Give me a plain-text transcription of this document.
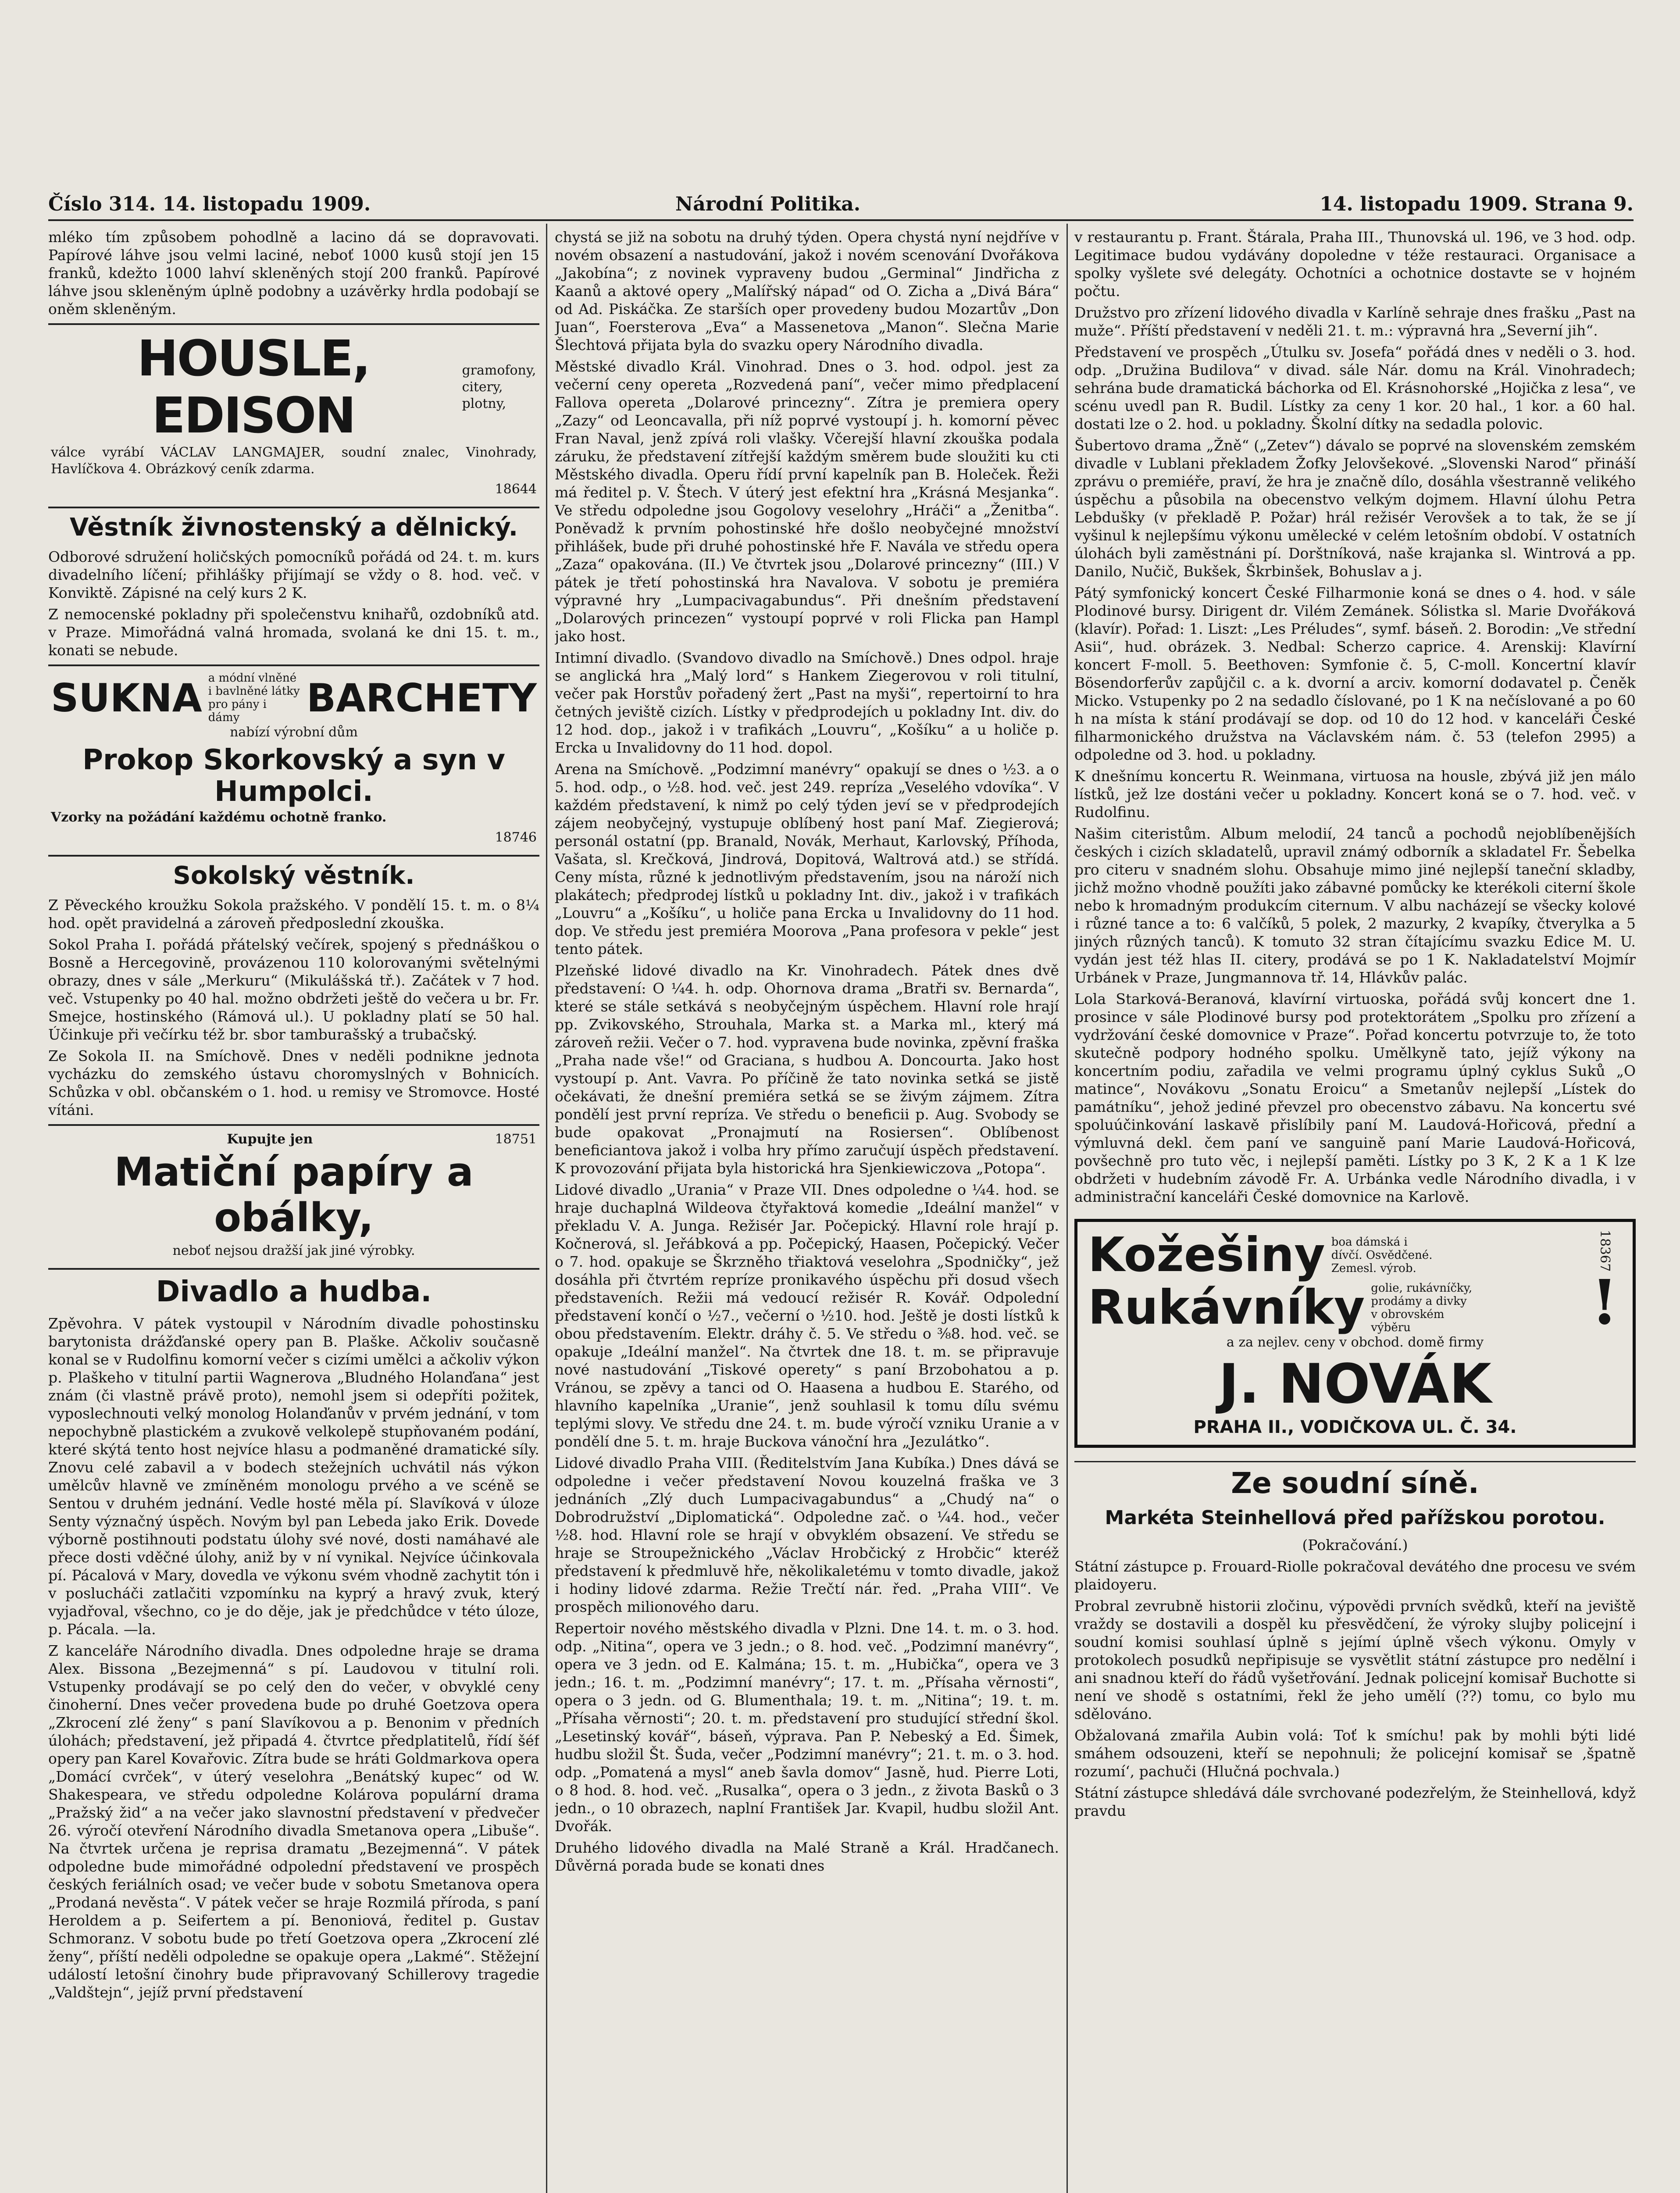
Číslo 314. 14. listopadu 1909.	Národní Politika.	14. listopadu 1909. Strana 9.

mléko tím způsobem pohodlně a lacino dá se dopravovati. Papírové láhve jsou velmi laciné, neboť 1000 kusů stojí jen 15 franků, kdežto 1000 lahví skleněných stojí 200 franků. Papírové láhve jsou skleněným úplně podobny a uzávěrky hrdla podobají se oněm skleněným.

HOUSLE, EDISON
gramofony, citery, plotny,

válce vyrábí VÁCLAV LANGMAJER, soudní znalec, Vinohrady, Havlíčkova 4. Obrázkový ceník zdarma.

18644

Věstník živnostenský a dělnický.

Odborové sdružení holičských pomocníků pořádá od 24. t. m. kurs divadelního líčení; přihlášky přijímají se vždy o 8. hod. več. v Konviktě. Zápisné na celý kurs 2 K.

Z nemocenské pokladny při společenstvu knihařů, ozdobníků atd. v Praze. Mimořádná valná hromada, svolaná ke dni 15. t. m., konati se nebude.

SUKNA a módní vlněné i bavlněné látky pro pány i dámy	BARCHETY

nabízí výrobní dům

Prokop Skorkovský a syn v Humpolci.

Vzorky na požádání každému ochotně franko.

18746

Sokolský věstník.

Z Pěveckého kroužku Sokola pražského. V pondělí 15. t. m. o 8¼ hod. opět pravidelná a zároveň předposlední zkouška.

Sokol Praha I. pořádá přátelský večírek, spojený s přednáškou o Bosně a Hercegovině, provázenou 110 kolorovanými světelnými obrazy, dnes v sále „Merkuru“ (Mikulášská tř.). Začátek v 7 hod. več. Vstupenky po 40 hal. možno obdržeti ještě do večera u br. Fr. Smejce, hostinského (Rámová ul.). U pokladny platí se 50 hal. Účinkuje při večírku též br. sbor tamburašský a trubačský.

Ze Sokola II. na Smíchově. Dnes v neděli podnikne jednota vycházku do zemského ústavu choromyslných v Bohnicích. Schůzka v obl. občanském o 1. hod. u remisy ve Stromovce. Hosté vítáni.

Kupujte jen	18751
Matiční papíry a obálky,

neboť nejsou dražší jak jiné výrobky.

Divadlo a hudba.

Zpěvohra. V pátek vystoupil v Národním divadle pohostinsku barytonista drážďanské opery pan B. Plaške. Ačkoliv současně konal se v Rudolfinu komorní večer s cizími umělci a ačkoliv výkon p. Plaškeho v titulní partii Wagnerova „Bludného Holanďana“ jest znám (či vlastně právě proto), nemohl jsem si odepříti požitek, vyposlechnouti velký monolog Holanďanův v prvém jednání, v tom nepochybně plastickém a zvukově velkolepě stupňovaném podání, které skýtá tento host nejvíce hlasu a podmaněné dramatické síly. Znovu celé zabavil a v bodech stežejních uchvátil nás výkon umělcův hlavně ve zmíněném monologu prvého a ve scéně se Sentou v druhém jednání. Vedle hosté měla pí. Slavíková v úloze Senty význačný úspěch. Novým byl pan Lebeda jako Erik. Dovede výborně postihnouti podstatu úlohy své nové, dosti namáhavé ale přece dosti vděčné úlohy, aniž by v ní vynikal. Nejvíce účinkovala pí. Pácalová v Mary, dovedla ve výkonu svém vhodně zachytit tón i v poslucháči zatlačiti vzpomínku na kyprý a hravý zvuk, který vyjadřoval, všechno, co je do děje, jak je předchůdce v této úloze, p. Pácala. —la.

Z kanceláře Národního divadla. Dnes odpoledne hraje se drama Alex. Bissona „Bezejmenná“ s pí. Laudovou v titulní roli. Vstupenky prodávají se po celý den do večer, v obvyklé ceny činoherní. Dnes večer provedena bude po druhé Goetzova opera „Zkrocení zlé ženy“ s paní Slavíkovou a p. Benonim v předních úlohách; představení, jež připadá 4. čtvrtce předplatitelů, řídí šéf opery pan Karel Kovařovic. Zítra bude se hráti Goldmarkova opera „Domácí cvrček“, v úterý veselohra „Benátský kupec“ od W. Shakespeara, ve středu odpoledne Kolárova populární drama „Pražský žid“ a na večer jako slavnostní představení v předvečer 26. výročí otevření Národního divadla Smetanova opera „Libuše“. Na čtvrtek určena je reprisa dramatu „Bezejmenná“. V pátek odpoledne bude mimořádné odpolední představení ve prospěch českých feriálních osad; ve večer bude v sobotu Smetanova opera „Prodaná nevěsta“. V pátek večer se hraje Rozmilá příroda, s paní Heroldem a p. Seifertem a pí. Benoniová, ředitel p. Gustav Schmoranz. V sobotu bude po třetí Goetzova opera „Zkrocení zlé ženy“, příští neděli odpoledne se opakuje opera „Lakmé“. Stěžejní událostí letošní činohry bude připravovaný Schillerovy tragedie „Valdštejn“, jejíž první představení

chystá se již na sobotu na druhý týden. Opera chystá nyní nejdříve v novém obsazení a nastudování, jakož i novém scenování Dvořákova „Jakobína“; z novinek vypraveny budou „Germinal“ Jindřicha z Kaanů a aktové opery „Malířský nápad“ od O. Zicha a „Divá Bára“ od Ad. Piskáčka. Ze starších oper provedeny budou Mozartův „Don Juan“, Foersterova „Eva“ a Massenetova „Manon“. Slečna Marie Šlechtová přijata byla do svazku opery Národního divadla.

Městské divadlo Král. Vinohrad. Dnes o 3. hod. odpol. jest za večerní ceny opereta „Rozvedená paní“, večer mimo předplacení Fallova opereta „Dolarové princezny“. Zítra je premiera opery „Zazy“ od Leoncavalla, při níž poprvé vystoupí j. h. komorní pěvec Fran Naval, jenž zpívá roli vlašky. Včerejší hlavní zkouška podala záruku, že představení zítřejší každým směrem bude sloužiti ku cti Městského divadla. Operu řídí první kapelník pan B. Holeček. Řeži má ředitel p. V. Štech. V úterý jest efektní hra „Krásná Mesjanka“. Ve středu odpoledne jsou Gogolovy veselohry „Hráči“ a „Ženitba“. Poněvadž k prvním pohostinské hře došlo neobyčejné množství přihlášek, bude při druhé pohostinské hře F. Navála ve středu opera „Zaza“ opakována. (II.) Ve čtvrtek jsou „Dolarové princezny“ (III.) V pátek je třetí pohostinská hra Navalova. V sobotu je premiéra výpravné hry „Lumpacivagabundus“. Při dnešním představení „Dolarových princezen“ vystoupí poprvé v roli Flicka pan Hampl jako host.

Intimní divadlo. (Svandovo divadlo na Smíchově.) Dnes odpol. hraje se anglická hra „Malý lord“ s Hankem Ziegerovou v roli titulní, večer pak Horstův pořadený žert „Past na myši“, repertoirní to hra četných jeviště cizích. Lístky v předprodejích u pokladny Int. div. do 12 hod. dop., jakož i v trafikách „Louvru“, „Košíku“ a u holiče p. Ercka u Invalidovny do 11 hod. dopol.

Arena na Smíchově. „Podzimní manévry“ opakují se dnes o ½3. a o 5. hod. odp., o ½8. hod. več. jest 249. repríza „Veselého vdovíka“. V každém představení, k nimž po celý týden jeví se v předprodejích zájem neobyčejný, vystupuje oblíbený host paní Maf. Ziegierová; personál ostatní (pp. Branald, Novák, Merhaut, Karlovský, Příhoda, Vašata, sl. Krečková, Jindrová, Dopitová, Waltrová atd.) se střídá. Ceny místa, různé k jednotlivým představením, jsou na nároží nich plakátech; předprodej lístků u pokladny Int. div., jakož i v trafikách „Louvru“ a „Košíku“, u holiče pana Ercka u Invalidovny do 11 hod. dop. Ve středu jest premiéra Moorova „Pana profesora v pekle“ jest tento pátek.

Plzeňské lidové divadlo na Kr. Vinohradech. Pátek dnes dvě představení: O ¼4. h. odp. Ohornova drama „Bratři sv. Bernarda“, které se stále setkává s neobyčejným úspěchem. Hlavní role hrají pp. Zvikovského, Strouhala, Marka st. a Marka ml., který má zároveň režii. Večer o 7. hod. vypravena bude novinka, zpěvní fraška „Praha nade vše!“ od Graciana, s hudbou A. Doncourta. Jako host vystoupí p. Ant. Vavra. Po příčině že tato novinka setká se jistě očekávati, že dnešní premiéra setká se se živým zájmem. Zítra pondělí jest první repríza. Ve středu o beneficii p. Aug. Svobody se bude opakovat „Pronajmutí na Rosiersen“. Oblíbenost beneficiantova jakož i volba hry přímo zaručují úspěch představení. K provozování přijata byla historická hra Sjenkiewiczova „Potopa“.

Lidové divadlo „Urania“ v Praze VII. Dnes odpoledne o ¼4. hod. se hraje duchaplná Wildeova čtyřaktová komedie „Ideální manžel“ v překladu V. A. Junga. Režisér Jar. Počepický. Hlavní role hrají p. Kočnerová, sl. Jeřábková a pp. Počepický, Haasen, Počepický. Večer o 7. hod. opakuje se Škrzněho třiaktová veselohra „Spodničky“, jež dosáhla při čtvrtém repríze pronikavého úspěchu při dosud všech představeních. Režii má vedoucí režisér R. Kovář. Odpolední představení končí o ½7., večerní o ½10. hod. Ještě je dosti lístků k obou představením. Elektr. dráhy č. 5. Ve středu o ⅜8. hod. več. se opakuje „Ideální manžel“. Na čtvrtek dne 18. t. m. se připravuje nové nastudování „Tiskové operety“ s paní Brzobohatou a p. Vránou, se zpěvy a tanci od O. Haasena a hudbou E. Starého, od hlavního kapelníka „Uranie“, jenž souhlasil k tomu dílu svému teplými slovy. Ve středu dne 24. t. m. bude výročí vzniku Uranie a v pondělí dne 5. t. m. hraje Buckova vánoční hra „Jezulátko“.

Lidové divadlo Praha VIII. (Ředitelstvím Jana Kubíka.) Dnes dává se odpoledne i večer představení Novou kouzelná fraška ve 3 jednáních „Zlý duch Lumpacivagabundus“ a „Chudý na“ o Dobrodružství „Diplomatická“. Odpoledne zač. o ¼4. hod., večer ½8. hod. Hlavní role se hrají v obvyklém obsazení. Ve středu se hraje se Stroupežnického „Václav Hrobčický z Hrobčic“ kteréž představení k předmluvě hře, několikaletému v tomto divadle, jakož i hodiny lidové zdarma. Režie Trečtí nár. řed. „Praha VIII“. Ve prospěch milionového daru.

Repertoir nového městského divadla v Plzni. Dne 14. t. m. o 3. hod. odp. „Nitina“, opera ve 3 jedn.; o 8. hod. več. „Podzimní manévry“, opera ve 3 jedn. od E. Kalmána; 15. t. m. „Hubička“, opera ve 3 jedn.; 16. t. m. „Podzimní manévry“; 17. t. m. „Přísaha věrnosti“, opera o 3 jedn. od G. Blumenthala; 19. t. m. „Nitina“; 19. t. m. „Přísaha věrnosti“; 20. t. m. představení pro studující střední škol. „Lesetinský kovář“, báseň, výprava. Pan P. Nebeský a Ed. Šimek, hudbu složil Št. Šuda, večer „Podzimní manévry“; 21. t. m. o 3. hod. odp. „Pomatená a mysl“ aneb šavla domov“ Jasně, hud. Pierre Loti, o 8 hod. 8. hod. več. „Rusalka“, opera o 3 jedn., z života Basků o 3 jedn., o 10 obrazech, naplní František Jar. Kvapil, hudbu složil Ant. Dvořák.

Druhého lidového divadla na Malé Straně a Král. Hradčanech. Důvěrná porada bude se konati dnes

v restaurantu p. Frant. Štárala, Praha III., Thunovská ul. 196, ve 3 hod. odp. Legitimace budou vydávány dopoledne v téže restauraci. Organisace a spolky vyšlete své delegáty. Ochotníci a ochotnice dostavte se v hojném počtu.

Družstvo pro zřízení lidového divadla v Karlíně sehraje dnes frašku „Past na muže“. Příští představení v neděli 21. t. m.: výpravná hra „Severní jih“.

Představení ve prospěch „Útulku sv. Josefa“ pořádá dnes v neděli o 3. hod. odp. „Družina Budilova“ v divad. sále Nár. domu na Král. Vinohradech; sehrána bude dramatická báchorka od El. Krásnohorské „Hojička z lesa“, ve scénu uvedl pan R. Budil. Lístky za ceny 1 kor. 20 hal., 1 kor. a 60 hal. dostati lze o 2. hod. u pokladny. Školní dítky na sedadla polovic.

Šubertovo drama „Žně“ („Zetev“) dávalo se poprvé na slovenském zemském divadle v Lublani překladem Žofky Jelovšekové. „Slovenski Narod“ přináší zprávu o premiéře, praví, že hra je značně dílo, dosáhla všestranně velikého úspěchu a působila na obecenstvo velkým dojmem. Hlavní úlohu Petra Lebdušky (v překladě P. Požar) hrál režisér Verovšek a to tak, že se jí vyšinul k nejlepšímu výkonu umělecké v celém letošním období. V ostatních úlohách byli zaměstnáni pí. Dorštníková, naše krajanka sl. Wintrová a pp. Danilo, Nučič, Bukšek, Škrbinšek, Bohuslav a j.

Pátý symfonický koncert České Filharmonie koná se dnes o 4. hod. v sále Plodinové bursy. Dirigent dr. Vilém Zemánek. Sólistka sl. Marie Dvořáková (klavír). Pořad: 1. Liszt: „Les Préludes“, symf. báseň. 2. Borodin: „Ve střední Asii“, hud. obrázek. 3. Nedbal: Scherzo caprice. 4. Arenskij: Klavírní koncert F-moll. 5. Beethoven: Symfonie č. 5, C-moll. Koncertní klavír Bösendorferův zapůjčil c. a k. dvorní a arciv. komorní dodavatel p. Čeněk Micko. Vstupenky po 2 na sedadlo číslované, po 1 K na nečíslované a po 60 h na místa k stání prodávají se dop. od 10 do 12 hod. v kanceláři České filharmonického družstva na Václavském nám. č. 53 (telefon 2995) a odpoledne od 3. hod. u pokladny.

K dnešnímu koncertu R. Weinmana, virtuosa na housle, zbývá již jen málo lístků, jež lze dostáni večer u pokladny. Koncert koná se o 7. hod. več. v Rudolfinu.

Našim citeristům. Album melodií, 24 tanců a pochodů nejoblíbenějších českých i cizích skladatelů, upravil známý odborník a skladatel Fr. Šebelka pro citeru v snadném slohu. Obsahuje mimo jiné nejlepší taneční skladby, jichž možno vhodně použíti jako zábavné pomůcky ke kterékoli citerní škole nebo k hromadným produkcím citernum. V albu nacházejí se všecky kolové i různé tance a to: 6 valčíků, 5 polek, 2 mazurky, 2 kvapíky, čtverylka a 5 jiných různých tanců). K tomuto 32 stran čítajícímu svazku Edice M. U. vydán jest též hlas II. citery, prodává se po 1 K. Nakladatelství Mojmír Urbánek v Praze, Jungmannova tř. 14, Hlávkův palác.

Lola Starková-Beranová, klavírní virtuoska, pořádá svůj koncert dne 1. prosince v sále Plodinové bursy pod protektorátem „Spolku pro zřízení a vydržování české domovnice v Praze“. Pořad koncertu potvrzuje to, že toto skutečně podpory hodného spolku. Umělkyně tato, jejíž výkony na koncertním podiu, zařadila ve velmi programu úplný cyklus Suků „O matince“, Novákovu „Sonatu Eroicu“ a Smetanův nejlepší „Lístek do památníku“, jehož jediné převzel pro obecenstvo zábavu. Na koncertu své spoluúčinkování laskavě přislíbily paní M. Laudová-Hořicová, přední a výmluvná dekl. čem paní ve sanguině paní Marie Laudová-Hořicová, povšechně pro tuto věc, i nejlepší paměti. Lístky po 3 K, 2 K a 1 K lze obdržeti v hudebním závodě Fr. A. Urbánka vedle Národního divadla, i v administrační kanceláři České domovnice na Karlově.

Kožešiny boa dámská i dívčí. Osvědčené. Zemesl. výrob.
Rukávníky golie, rukávníčky, prodámy a divky v obrovském výběru
18367
!

a za nejlev. ceny v obchod. domě firmy

J. NOVÁK
PRAHA II., VODIČKOVA UL. Č. 34.
Ze soudní síně.
Markéta Steinhellová před pařížskou porotou.

(Pokračování.)

Státní zástupce p. Frouard-Riolle pokračoval devátého dne procesu ve svém plaidoyeru.

Probral zevrubně historii zločinu, výpovědi prvních svědků, kteří na jeviště vraždy se dostavili a dospěl ku přesvědčení, že výroky slujby policejní i soudní komisi souhlasí úplně s jejímí úplně všech výkonu. Omyly v protokolech posudků nepřipisuje se vysvětlit státní zástupce pro nedělní i ani snadnou kteří do řádů vyšetřování. Jednak policejní komisař Buchotte si není ve shodě s ostatními, řekl že jeho umělí (??) tomu, co bylo mu sdělováno.

Obžalovaná zmařila Aubin volá: Toť k smíchu! pak by mohli býti lidé smáhem odsouzeni, kteří se nepohnuli; že policejní komisař se ‚špatně rozumí‘, pachuči (Hlučná pochvala.)

Státní zástupce shledává dále svrchované podezřelým, že Steinhellová, když pravdu
